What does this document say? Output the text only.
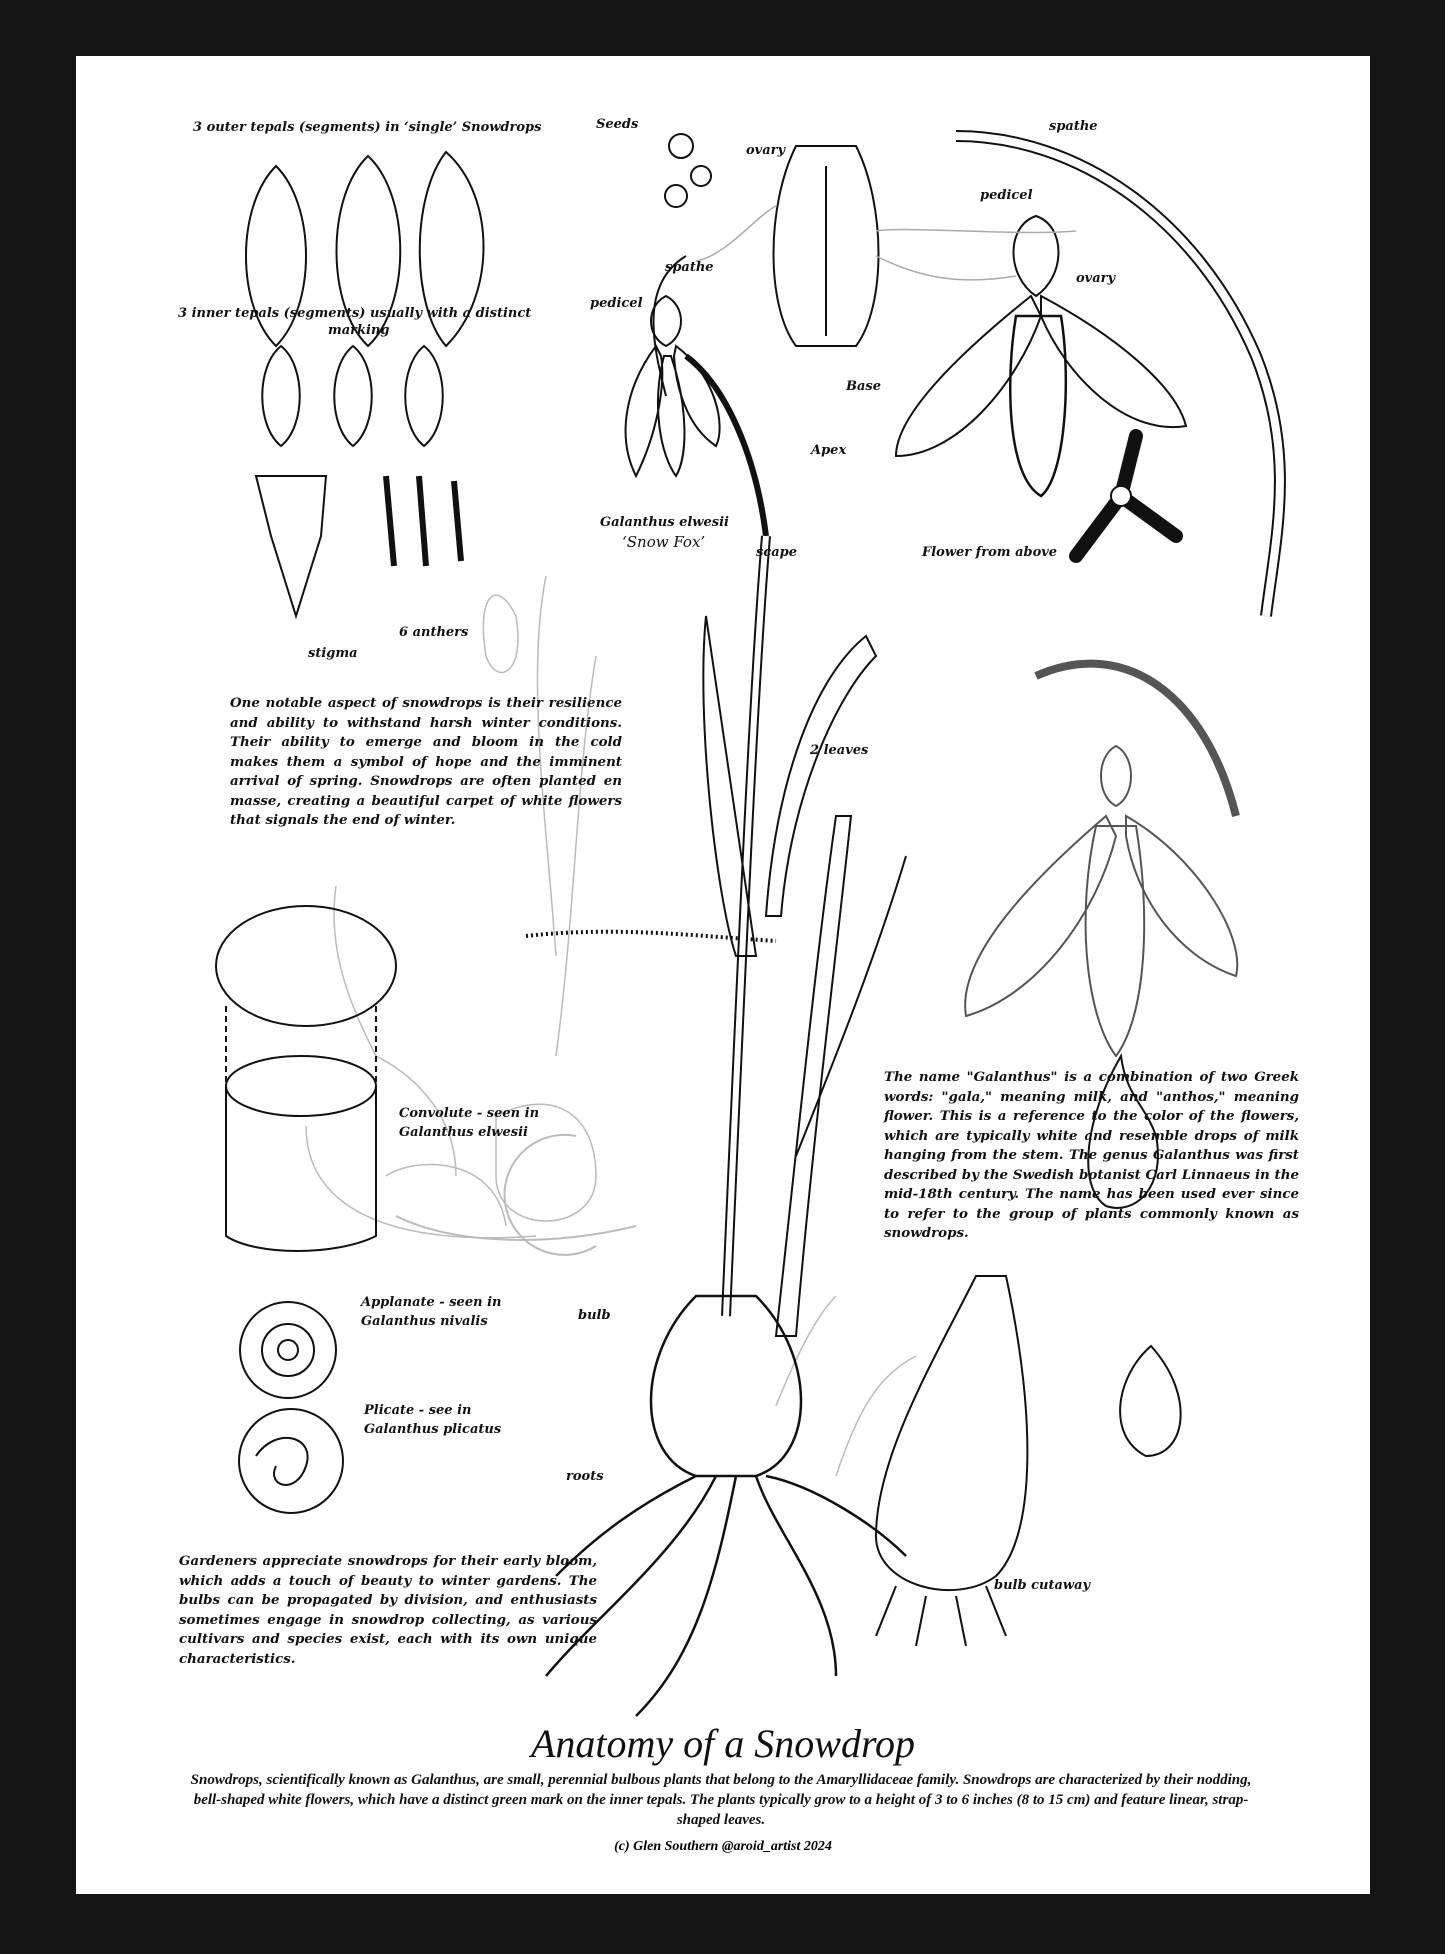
3 outer tepals (segments) in ‘single’ Snowdrops
3 inner tepals (segments) usually with a distinct
marking
stigma
6 anthers
Seeds
ovary
spathe
pedicel
ovary
Base
Apex
spathe
pedicel
Galanthus elwesii
‘Snow Fox’
scape	Flower from above
2 leaves
Convolute - seen in
Galanthus elwesii
bulb
Applanate - seen in
Galanthus nivalis
Plicate - see in
Galanthus plicatus
roots
bulb cutaway
One notable aspect of snowdrops is their resilience and ability to withstand harsh winter conditions. Their ability to emerge and bloom in the cold makes them a symbol of hope and the imminent arrival of spring. Snowdrops are often planted en masse, creating a beautiful carpet of white flowers that signals the end of winter.
The name "Galanthus" is a combination of two Greek words: "gala," meaning milk, and "anthos," meaning flower. This is a reference to the color of the flowers, which are typically white and resemble drops of milk hanging from the stem. The genus Galanthus was first described by the Swedish botanist Carl Linnaeus in the mid-18th century. The name has been used ever since to refer to the group of plants commonly known as snowdrops.
Gardeners appreciate snowdrops for their early bloom, which adds a touch of beauty to winter gardens. The bulbs can be propagated by division, and enthusiasts sometimes engage in snowdrop collecting, as various cultivars and species exist, each with its own unique characteristics.
Anatomy of a Snowdrop
Snowdrops, scientifically known as Galanthus, are small, perennial bulbous plants that belong to the Amaryllidaceae family. Snowdrops are characterized by their nodding, bell-shaped white flowers, which have a distinct green mark on the inner tepals. The plants typically grow to a height of 3 to 6 inches (8 to 15 cm) and feature linear, strap-shaped leaves.
(c) Glen Southern @aroid_artist 2024
